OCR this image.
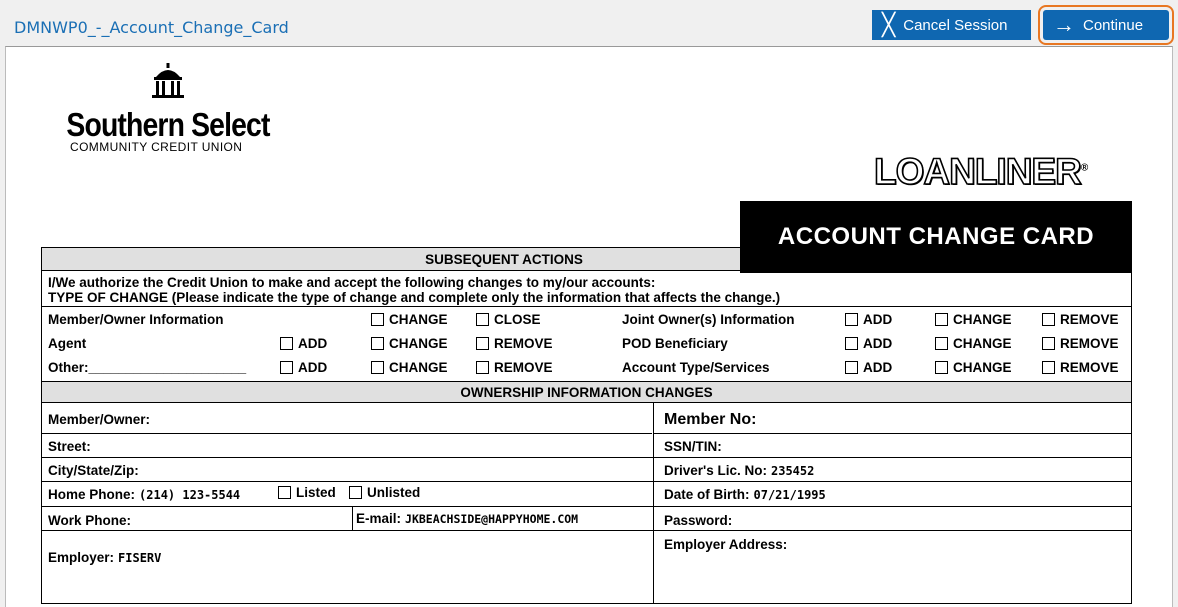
DMNWP0_-_Account_Change_Card	╳ Cancel Session → Continue
Southern Select
COMMUNITY CREDIT UNION
LOANLINER®
ACCOUNT CHANGE CARD
SUBSEQUENT ACTIONS
I/We authorize the Credit Union to make and accept the following changes to my/our accounts:
TYPE OF CHANGE (Please indicate the type of change and complete only the information that affects the change.)
Member/Owner Information	CHANGE	CLOSE	Joint Owner(s) Information	ADD	CHANGE	REMOVE
Agent	ADD	CHANGE	REMOVE	POD Beneficiary	ADD	CHANGE	REMOVE
Other:_____________________	ADD	CHANGE	REMOVE	Account Type/Services	ADD	CHANGE	REMOVE
OWNERSHIP INFORMATION CHANGES
Member/Owner:	Member No:
Street:	SSN/TIN:
City/State/Zip:	Driver's Lic. No: 235452
Home Phone: (214) 123-5544	Listed	Unlisted	Date of Birth: 07/21/1995
Work Phone:	E-mail: JKBEACHSIDE@HAPPYHOME.COM	Password:
Employer: FISERV
Employer Address:
